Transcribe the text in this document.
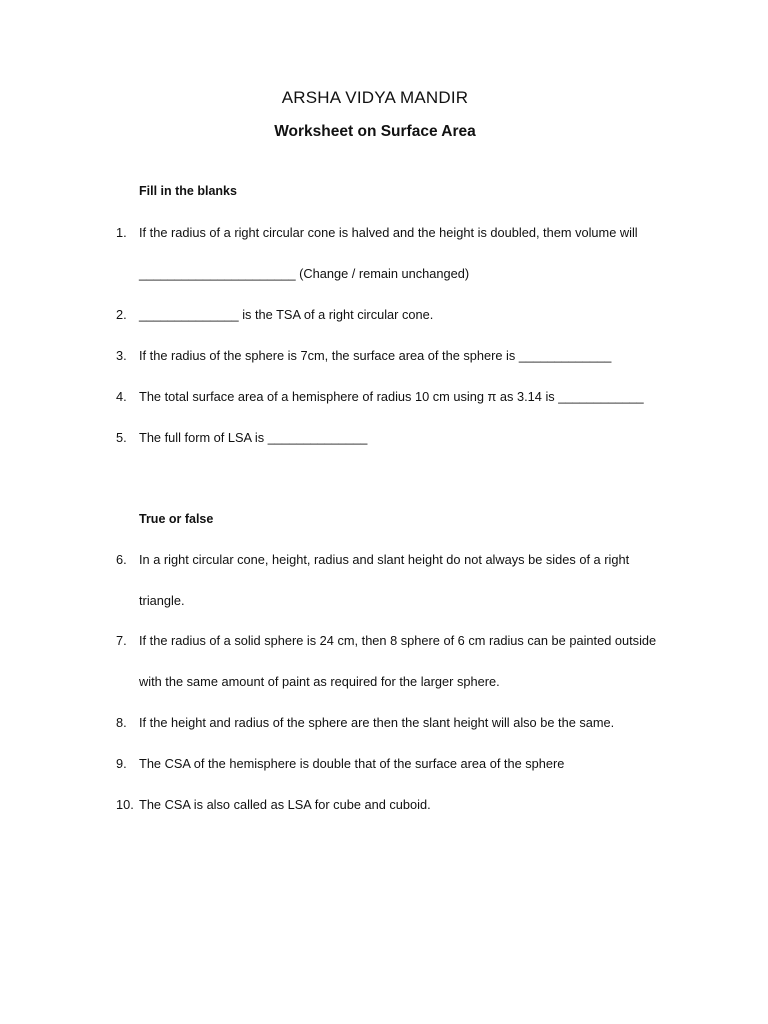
ARSHA VIDYA MANDIR
Worksheet on Surface Area
Fill in the blanks
1. If the radius of a right circular cone is halved and the height is doubled, them volume will
______________________ (Change / remain unchanged)
2. ______________ is the TSA of a right circular cone.
3. If the radius of the sphere is 7cm, the surface area of the sphere is _____________
4. The total surface area of a hemisphere of radius 10 cm using π as 3.14 is ____________
5. The full form of LSA is ______________
True or false
6. In a right circular cone, height, radius and slant height do not always be sides of a right
triangle.
7. If the radius of a solid sphere is 24 cm, then 8 sphere of 6 cm radius can be painted outside
with the same amount of paint as required for the larger sphere.
8. If the height and radius of the sphere are then the slant height will also be the same.
9. The CSA of the hemisphere is double that of the surface area of the sphere
10. The CSA is also called as LSA for cube and cuboid.
